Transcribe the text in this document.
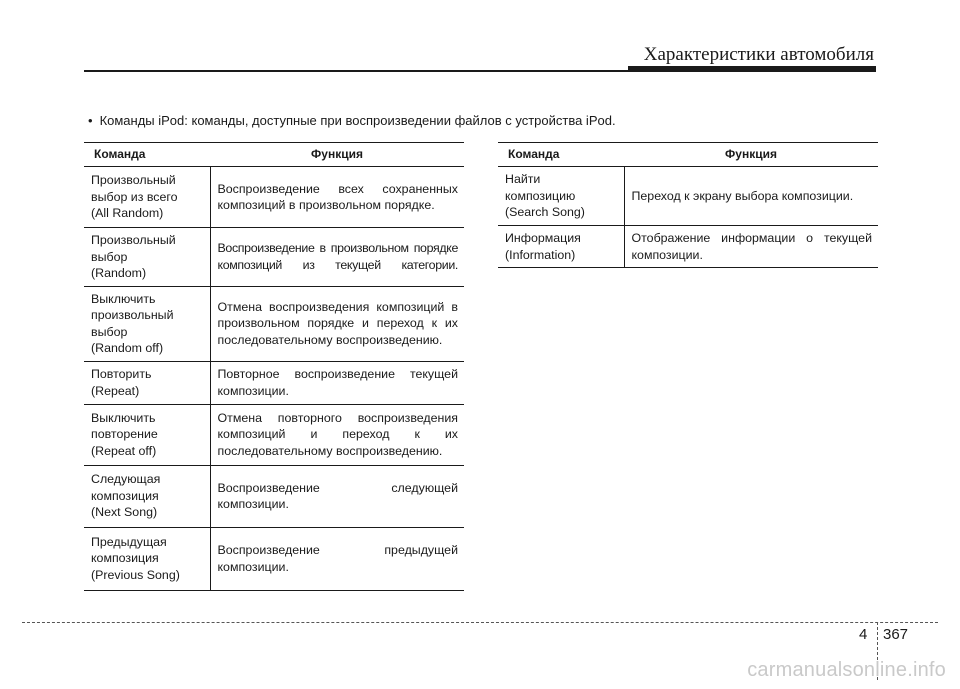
Характеристики автомобиля
• Команды iPod: команды, доступные при воспроизведении файлов с устройства iPod.
Команда	Функция
Произвольный
выбор из всего
(All Random)	Воспроизведение всех сохраненных композиций в произвольном порядке.
Произвольный
выбор
(Random)	Воспроизведение в произвольном порядке композиций из текущей категории.
Выключить
произвольный
выбор
(Random off)	Отмена воспроизведения композиций в произвольном порядке и переход к их последовательному воспроизведению.
Повторить
(Repeat)	Повторное воспроизведение текущей композиции.
Выключить
повторение
(Repeat off)	Отмена повторного воспроизведения композиций и переход к их последовательному воспроизведению.
Следующая
композиция
(Next Song)	Воспроизведение следующей композиции.
Предыдущая
композиция
(Previous Song)	Воспроизведение предыдущей композиции.
Команда	Функция
Найти
композицию
(Search Song)	Переход к экрану выбора композиции.
Информация
(Information)	Отображение информации о текущей композиции.
4 367
carmanualsonline.info
